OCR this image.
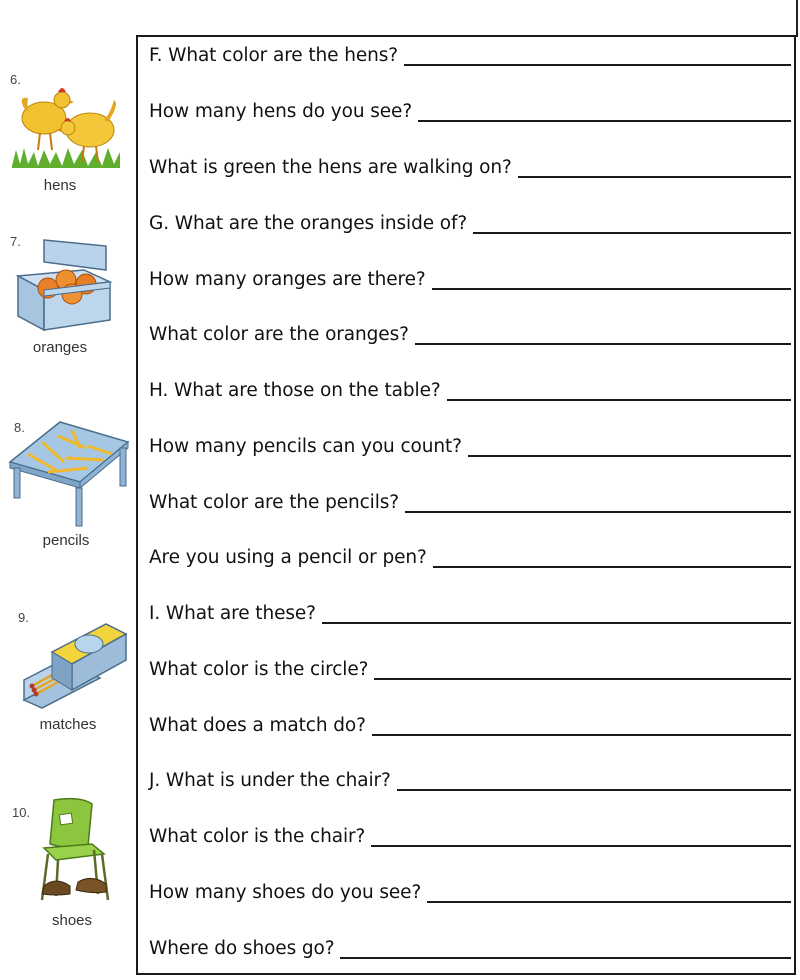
6.
hens
7.
oranges
8.
pencils
9.
matches
10.
shoes
F. What color are the hens?
How many hens do you see?
What is green the hens are walking on?
G. What are the oranges inside of?
How many oranges are there?
What color are the oranges?
H. What are those on the table?
How many pencils can you count?
What color are the pencils?
Are you using a pencil or pen?
I. What are these?
What color is the circle?
What does a match do?
J. What is under the chair?
What color is the chair?
How many shoes do you see?
Where do shoes go?
